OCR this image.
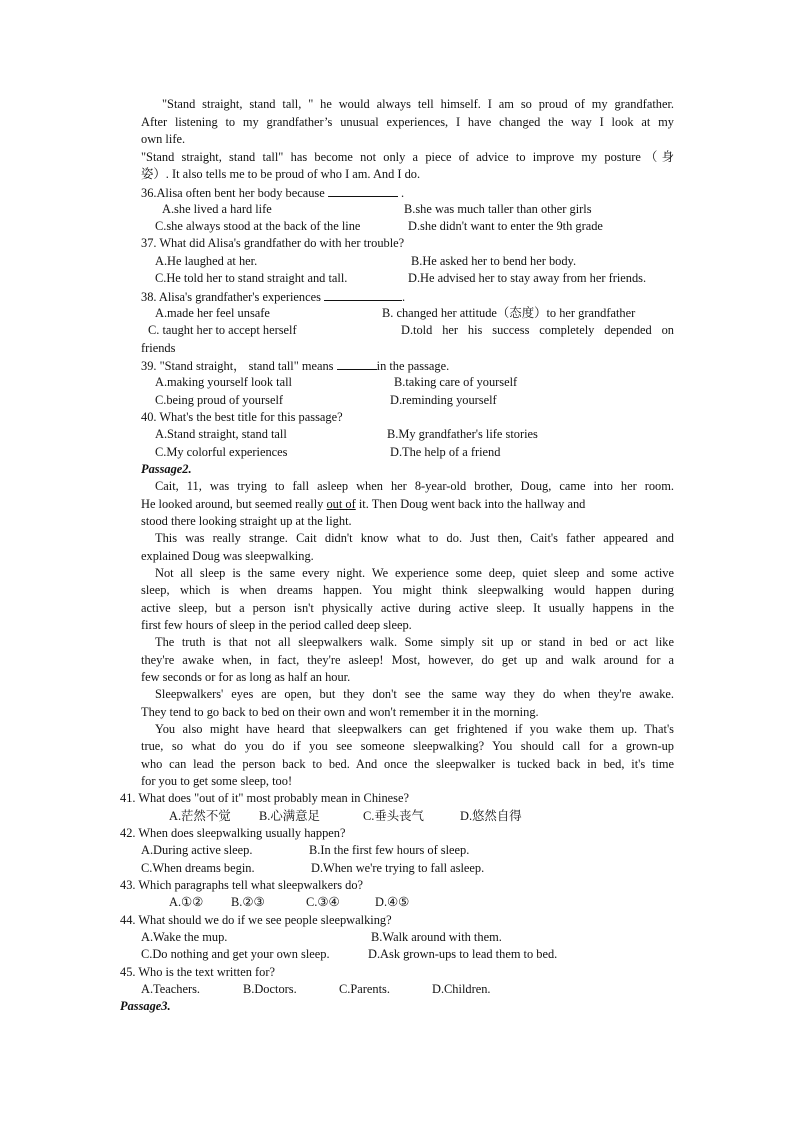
"Stand straight, stand tall, " he would always tell himself. I am so proud of my grandfather.
After listening to my grandfather’s unusual experiences, I have changed the way I look at my
own life.
"Stand straight, stand tall" has become not only a piece of advice to improve my posture（身
姿）. It also tells me to be proud of who I am. And I do.
36.Alisa often bent her body because	.
A.she lived a hard life	B.she was much taller than other girls
C.she always stood at the back of the line	D.she didn't want to enter the 9th grade
37. What did Alisa's grandfather do with her trouble?
A.He laughed at her.	B.He asked her to bend her body.
C.He told her to stand straight and tall.	D.He advised her to stay away from her friends.
38. Alisa's grandfather's experiences	.
A.made her feel unsafe	B. changed her attitude（态度）to her grandfather
C. taught her to accept herself	D.told her his success completely depended on
friends
39. "Stand straight， stand tall" means	in the passage.
A.making yourself look tall	B.taking care of yourself
C.being proud of yourself	D.reminding yourself
40. What's the best title for this passage?
A.Stand straight, stand tall	B.My grandfather's life stories
C.My colorful experiences	D.The help of a friend
Passage2.
Cait, 11, was trying to fall asleep when her 8-year-old brother, Doug, came into her room.
He looked around, but seemed really out of it. Then Doug went back into the hallway and
stood there looking straight up at the light.
This was really strange. Cait didn't know what to do. Just then, Cait's father appeared and
explained Doug was sleepwalking.
Not all sleep is the same every night. We experience some deep, quiet sleep and some active
sleep, which is when dreams happen. You might think sleepwalking would happen during
active sleep, but a person isn't physically active during active sleep. It usually happens in the
first few hours of sleep in the period called deep sleep.
The truth is that not all sleepwalkers walk. Some simply sit up or stand in bed or act like
they're awake when, in fact, they're asleep! Most, however, do get up and walk around for a
few seconds or for as long as half an hour.
Sleepwalkers' eyes are open, but they don't see the same way they do when they're awake.
They tend to go back to bed on their own and won't remember it in the morning.
You also might have heard that sleepwalkers can get frightened if you wake them up. That's
true, so what do you do if you see someone sleepwalking? You should call for a grown-up
who can lead the person back to bed. And once the sleepwalker is tucked back in bed, it's time
for you to get some sleep, too!
41. What does "out of it" most probably mean in Chinese?
A.茫然不觉 B.心满意足	C.垂头丧气	D.悠然自得
42. When does sleepwalking usually happen?
A.During active sleep.	B.In the first few hours of sleep.
C.When dreams begin.	D.When we're trying to fall asleep.
43. Which paragraphs tell what sleepwalkers do?
A.①② B.②③	C.③④	D.④⑤
44. What should we do if we see people sleepwalking?
A.Wake the mup.	B.Walk around with them.
C.Do nothing and get your own sleep.	D.Ask grown-ups to lead them to bed.
45. Who is the text written for?
A.Teachers.	B.Doctors.	C.Parents.	D.Children.
Passage3.
